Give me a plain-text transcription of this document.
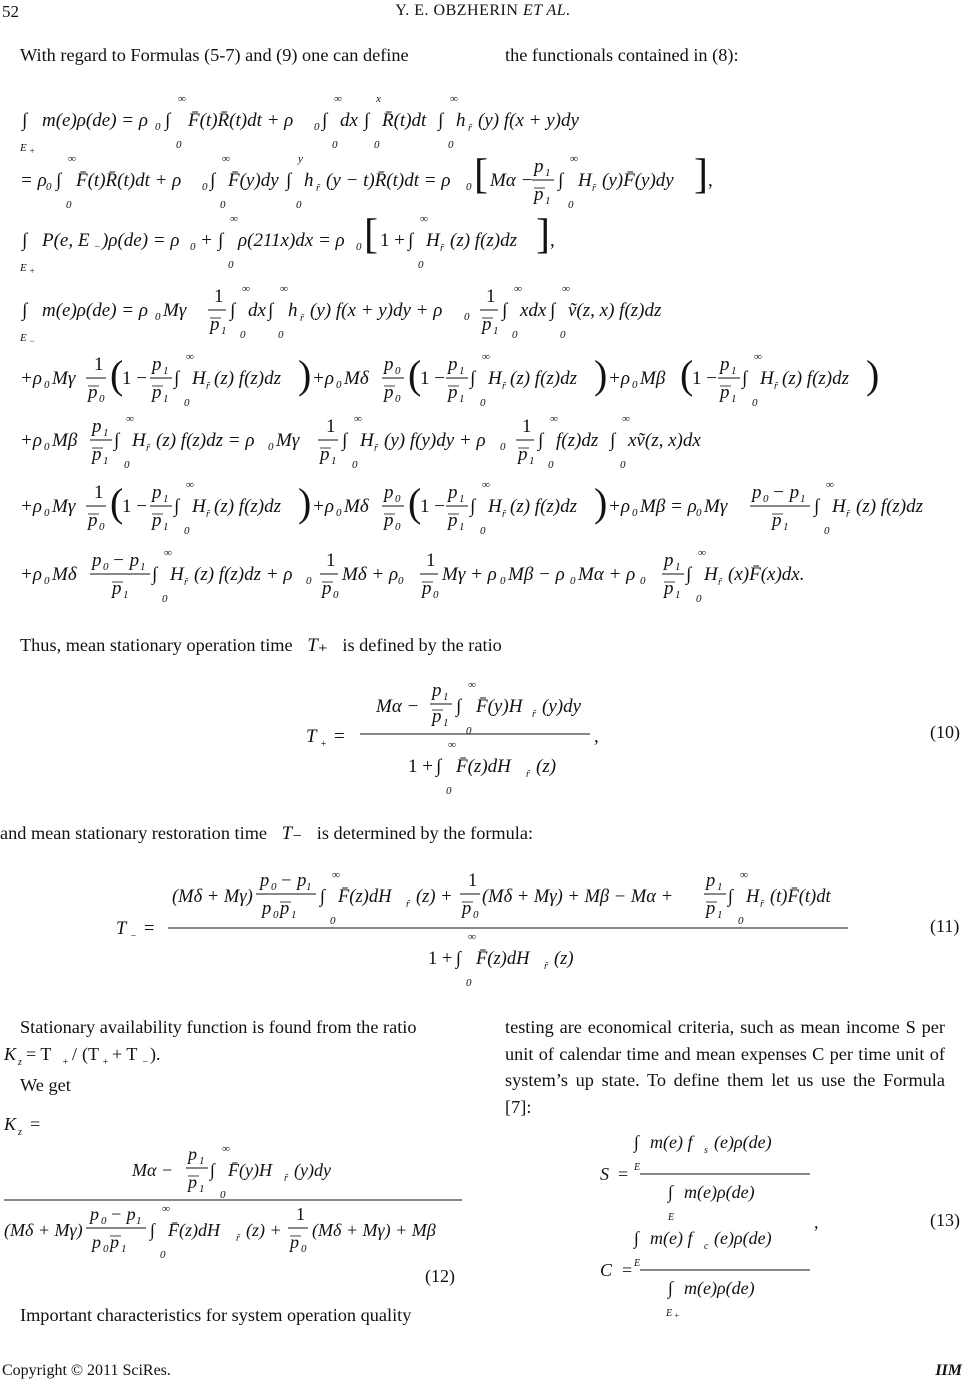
52	Y. E. OBZHERIN ET AL.
With regard to Formulas (5-7) and (9) one can define	the functionals contained in (8):
∫
E +
m(e)ρ(de) = ρ 0 ∫
∞
0
F̄(t)R̄(t)dt + ρ 0 ∫
∞
0
dx ∫
x
0
R̄(t)dt ∫
∞
0
h r̃ (y) f(x + y)dy
= ρ 0 ∫
∞
0
F̄(t)R̄(t)dt + ρ 0 ∫
∞
0
F̄(y)dy ∫
y
0
h r̃ (y − t)R̄(t)dt = ρ 0 [ Mα −
p 1
p 1
∫
∞
0
H r̃ (y)F̄(y)dy ] ,
∫
E +
P(e, E − )ρ(de) = ρ 0 + ∫
∞
0
ρ(211x)dx = ρ 0 [ 1 + ∫
∞
0
H r̃ (z) f(z)dz ] ,
∫
E −
m(e)ρ(de) = ρ 0 Mγ
1
p 1
∫
∞
0
dx ∫
∞
0
h r̃ (y) f(x + y)dy + ρ 0
1
p 1
∫
∞
0
xdx ∫
∞
0
ṽ(z, x) f(z)dz
+ρ 0 Mγ
1
p 0
(
1 −
p 1
p 1
∫
∞
0
H r̃ (z) f(z)dz ) +ρ 0 Mδ
p 0
p 0
(
1 −
p 1
p 1
∫
∞
0
H r̃ (z) f(z)dz ) +ρ 0 Mβ (
1 −
p 1
p 1
∫
∞
0
H r̃ (z) f(z)dz )
+ρ 0 Mβ
p 1
p 1
∫
∞
0
H r̃ (z) f(z)dz = ρ 0 Mγ
1
p 1
∫
∞
0
H r̃ (y) f(y)dy + ρ 0
1
p 1
∫
∞
0
f(z)dz ∫
∞
0
xṽ(z, x)dx
+ρ 0 Mγ
1
p 0
(
1 −
p 1
p 1
∫
∞
0
H r̃ (z) f(z)dz ) +ρ 0 Mδ
p 0
p 0
(
1 −
p 1
p 1
∫
∞
0
H r̃ (z) f(z)dz ) +ρ 0 Mβ = ρ 0 Mγ
p 0 − p 1
p 1
∫
∞
0
H r̃ (z) f(z)dz
+ρ 0 Mδ
p 0 − p 1
p 1
∫
∞
0
H r̃ (z) f(z)dz + ρ 0
1
p 0
Mδ + ρ 0
1
p 0
Mγ + ρ 0 Mβ − ρ 0 Mα + ρ 0
p 1
p 1
∫
∞
0
H r̃ (x)F̄(x)dx.
Thus, mean stationary operation time T₊ is defined by the ratio
T + =
Mα −
p 1
p 1
∫
∞
0
F̄(y)H r̃ (y)dy
1 + ∫
∞
0
F̄(z)dH r̃ (z)
,	(10)
and mean stationary restoration time T₋ is determined by the formula:
T − =
(Mδ + Mγ)
p 0 − p 1
p 0 p 1
∫
∞
0
F̄(z)dH r̃ (z) +
1
p 0
(Mδ + Mγ) + Mβ − Mα +
p 1
p 1
∫
∞
0
H r̃ (t)F̄(t)dt
1 + ∫
∞
0
F̄(z)dH r̃ (z)
(11)
Stationary availability function is found from the ratio
K z = T + / (T + + T − ).
We get
K z =
Mα −
p 1
p 1
∫
∞
0
F̄(y)H r̃ (y)dy
(Mδ + Mγ)
p 0 − p 1
p 0 p 1
∫
∞
0
F̄(z)dH r̃ (z) +
1
p 0
(Mδ + Mγ) + Mβ
(12)
Important characteristics for system operation quality
testing are economical criteria, such as mean income S per unit of calendar time and mean expenses C per time unit of system’s up state. To define them let us use the Formula [7]:
∫
E
m(e) f s (e)ρ(de)
S =
∫
E
m(e)ρ(de)
∫
E
m(e) f c (e)ρ(de)
C =
∫
E +
m(e)ρ(de)
,	(13)
Copyright © 2011 SciRes.	IIM
